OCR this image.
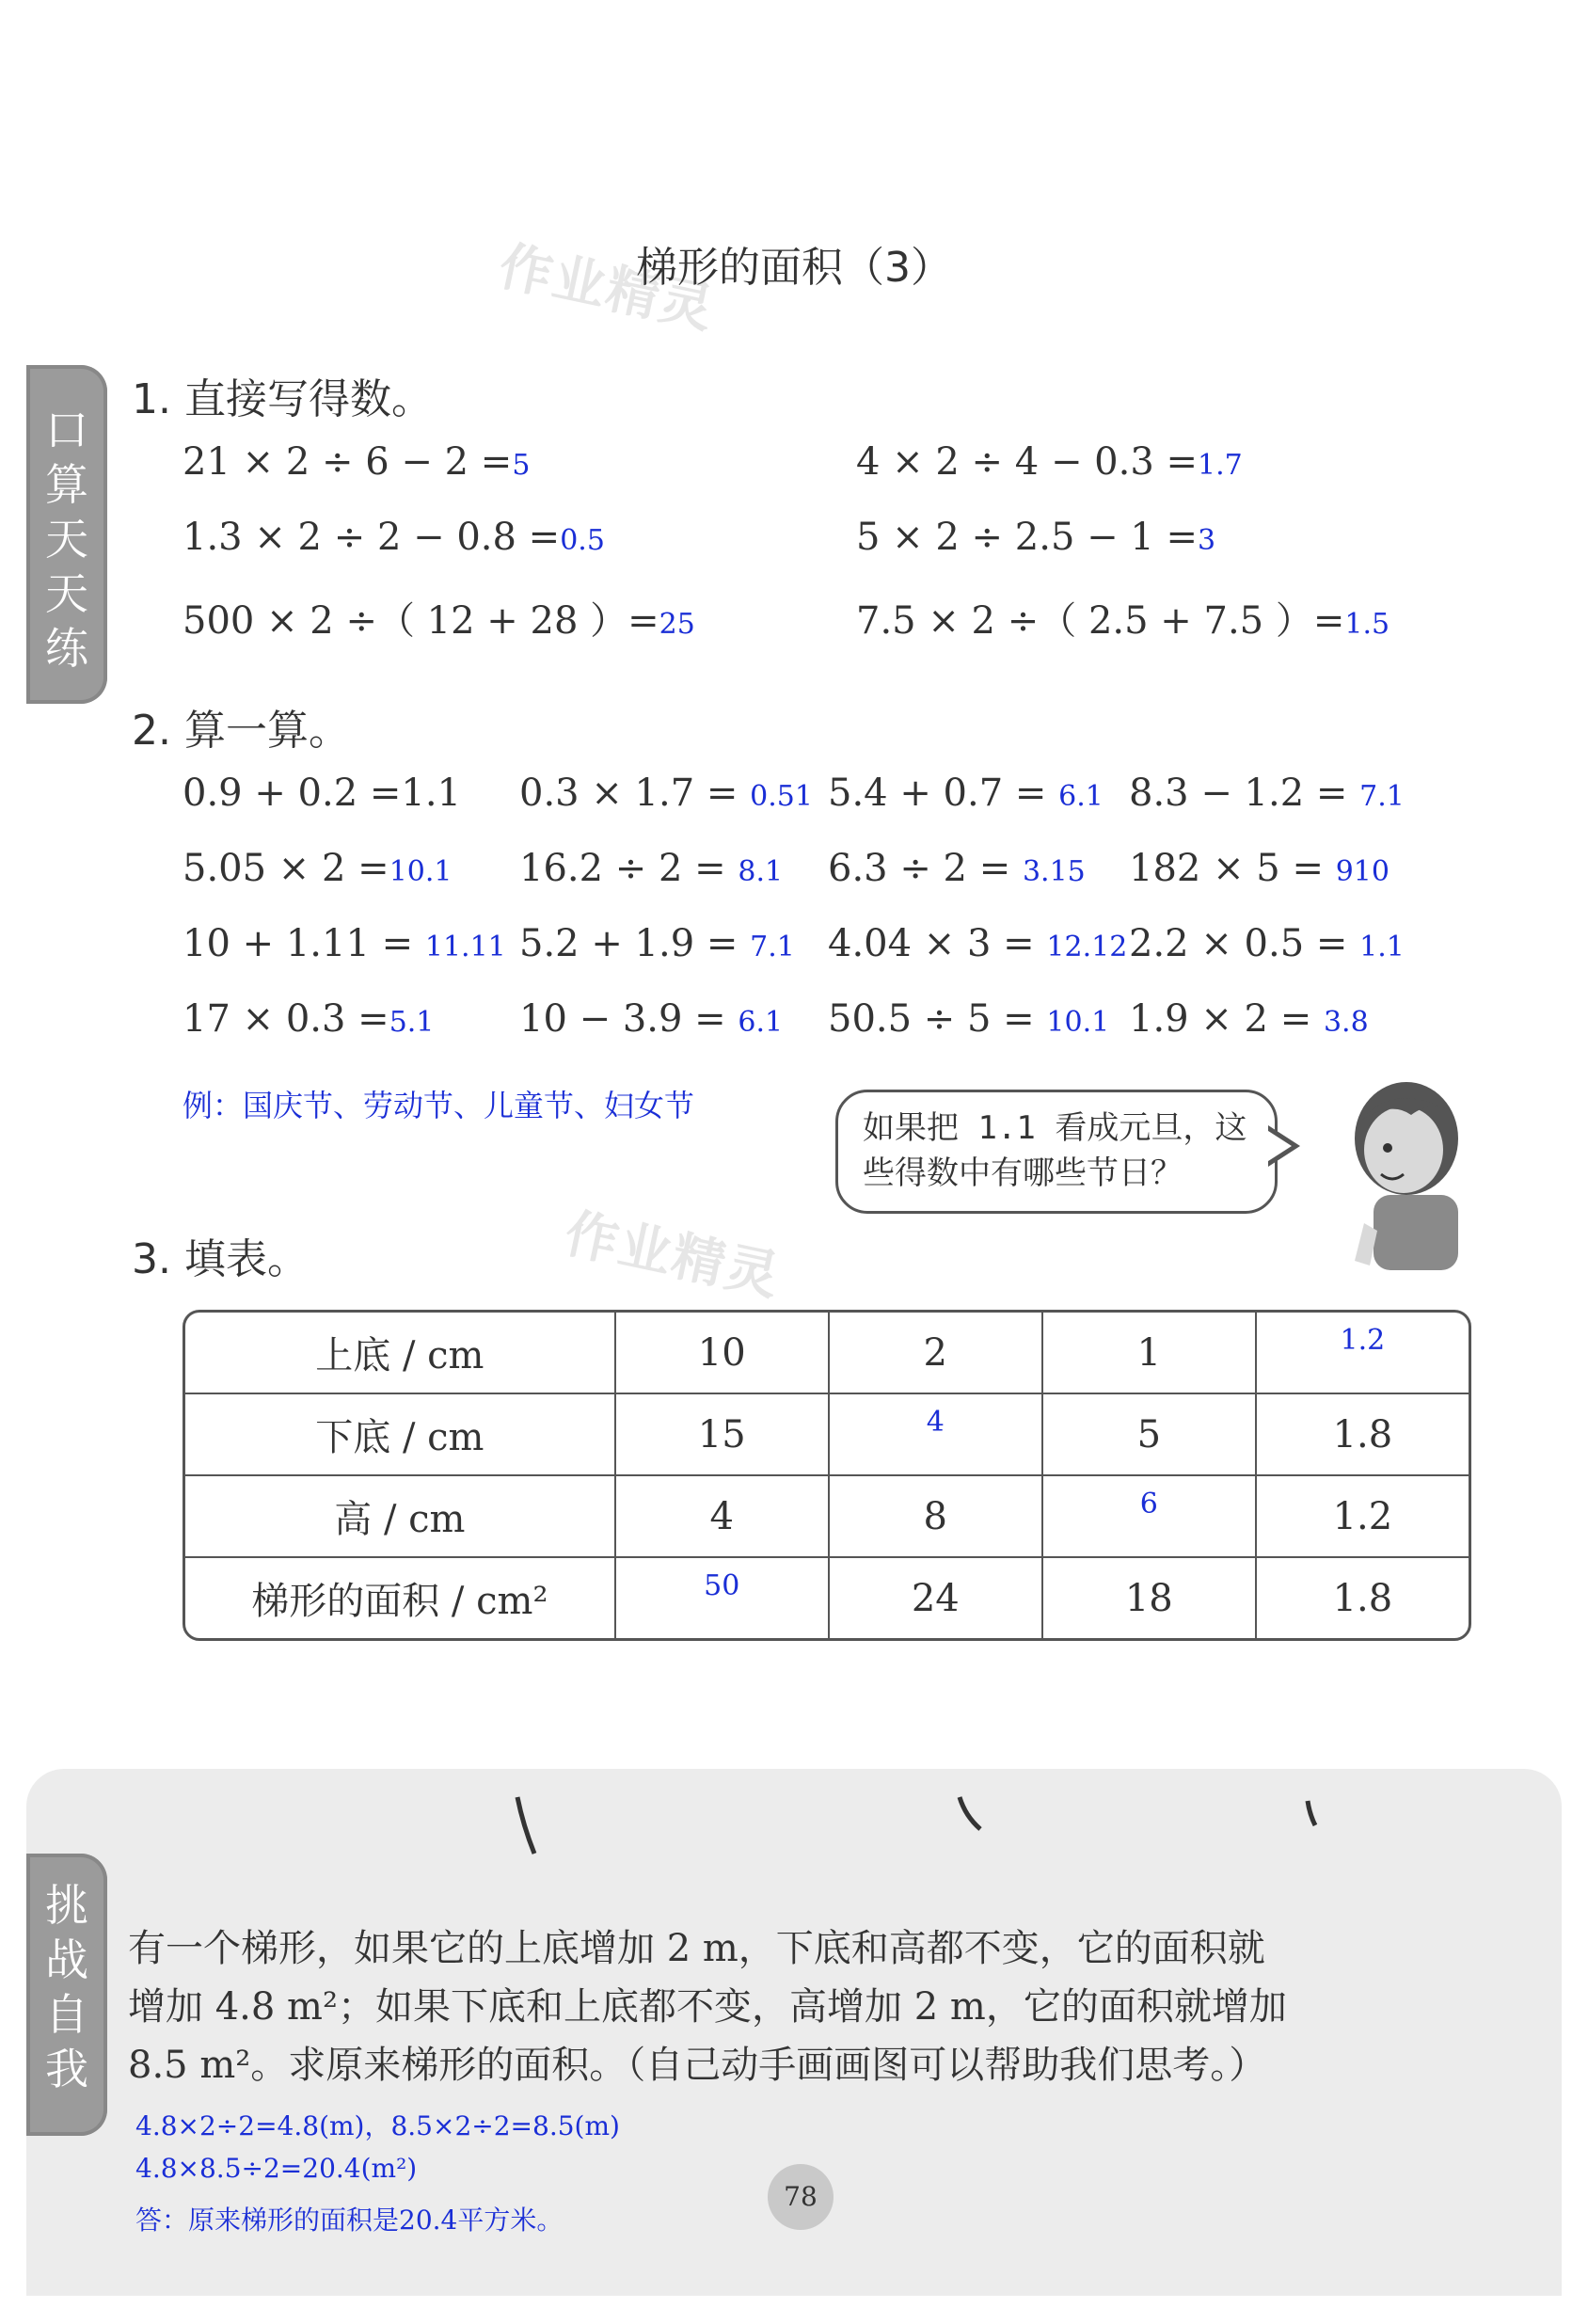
作业精灵
梯形的面积（3）
口
算
天
天
练
1. 直接写得数。
21 × 2 ÷ 6 − 2 =5	4 × 2 ÷ 4 − 0.3 =1.7
1.3 × 2 ÷ 2 − 0.8 =0.5	5 × 2 ÷ 2.5 − 1 =3
500 × 2 ÷（ 12 + 28 ）=25	7.5 × 2 ÷（ 2.5 + 7.5 ）=1.5
2. 算一算。
0.9 + 0.2 =1.1 0.3 × 1.7 = 0.51 5.4 + 0.7 = 6.1 8.3 − 1.2 = 7.1
5.05 × 2 =10.1 16.2 ÷ 2 = 8.1 6.3 ÷ 2 = 3.15 182 × 5 = 910
10 + 1.11 = 11.11 5.2 + 1.9 = 7.1 4.04 × 3 = 12.12 2.2 × 0.5 = 1.1
17 × 0.3 =5.1 10 − 3.9 = 6.1 50.5 ÷ 5 = 10.1 1.9 × 2 = 3.8
例：国庆节、劳动节、儿童节、妇女节
如果把 1.1 看成元旦，这
些得数中有哪些节日？
3. 填表。	作业精灵
上底 / cm	10	2	1	1.2

下底 / cm	15	4	5	1.8
高 / cm	4	8	6	1.2
梯形的面积 / cm²	50	24	18	1.8
挑
战
自
我
有一个梯形，如果它的上底增加 2 m，下底和高都不变，它的面积就
增加 4.8 m²；如果下底和上底都不变，高增加 2 m，它的面积就增加
8.5 m²。求原来梯形的面积。（自己动手画画图可以帮助我们思考。）
4.8×2÷2=4.8(m)，8.5×2÷2=8.5(m)
4.8×8.5÷2=20.4(m²)
答：原来梯形的面积是20.4平方米。
78
